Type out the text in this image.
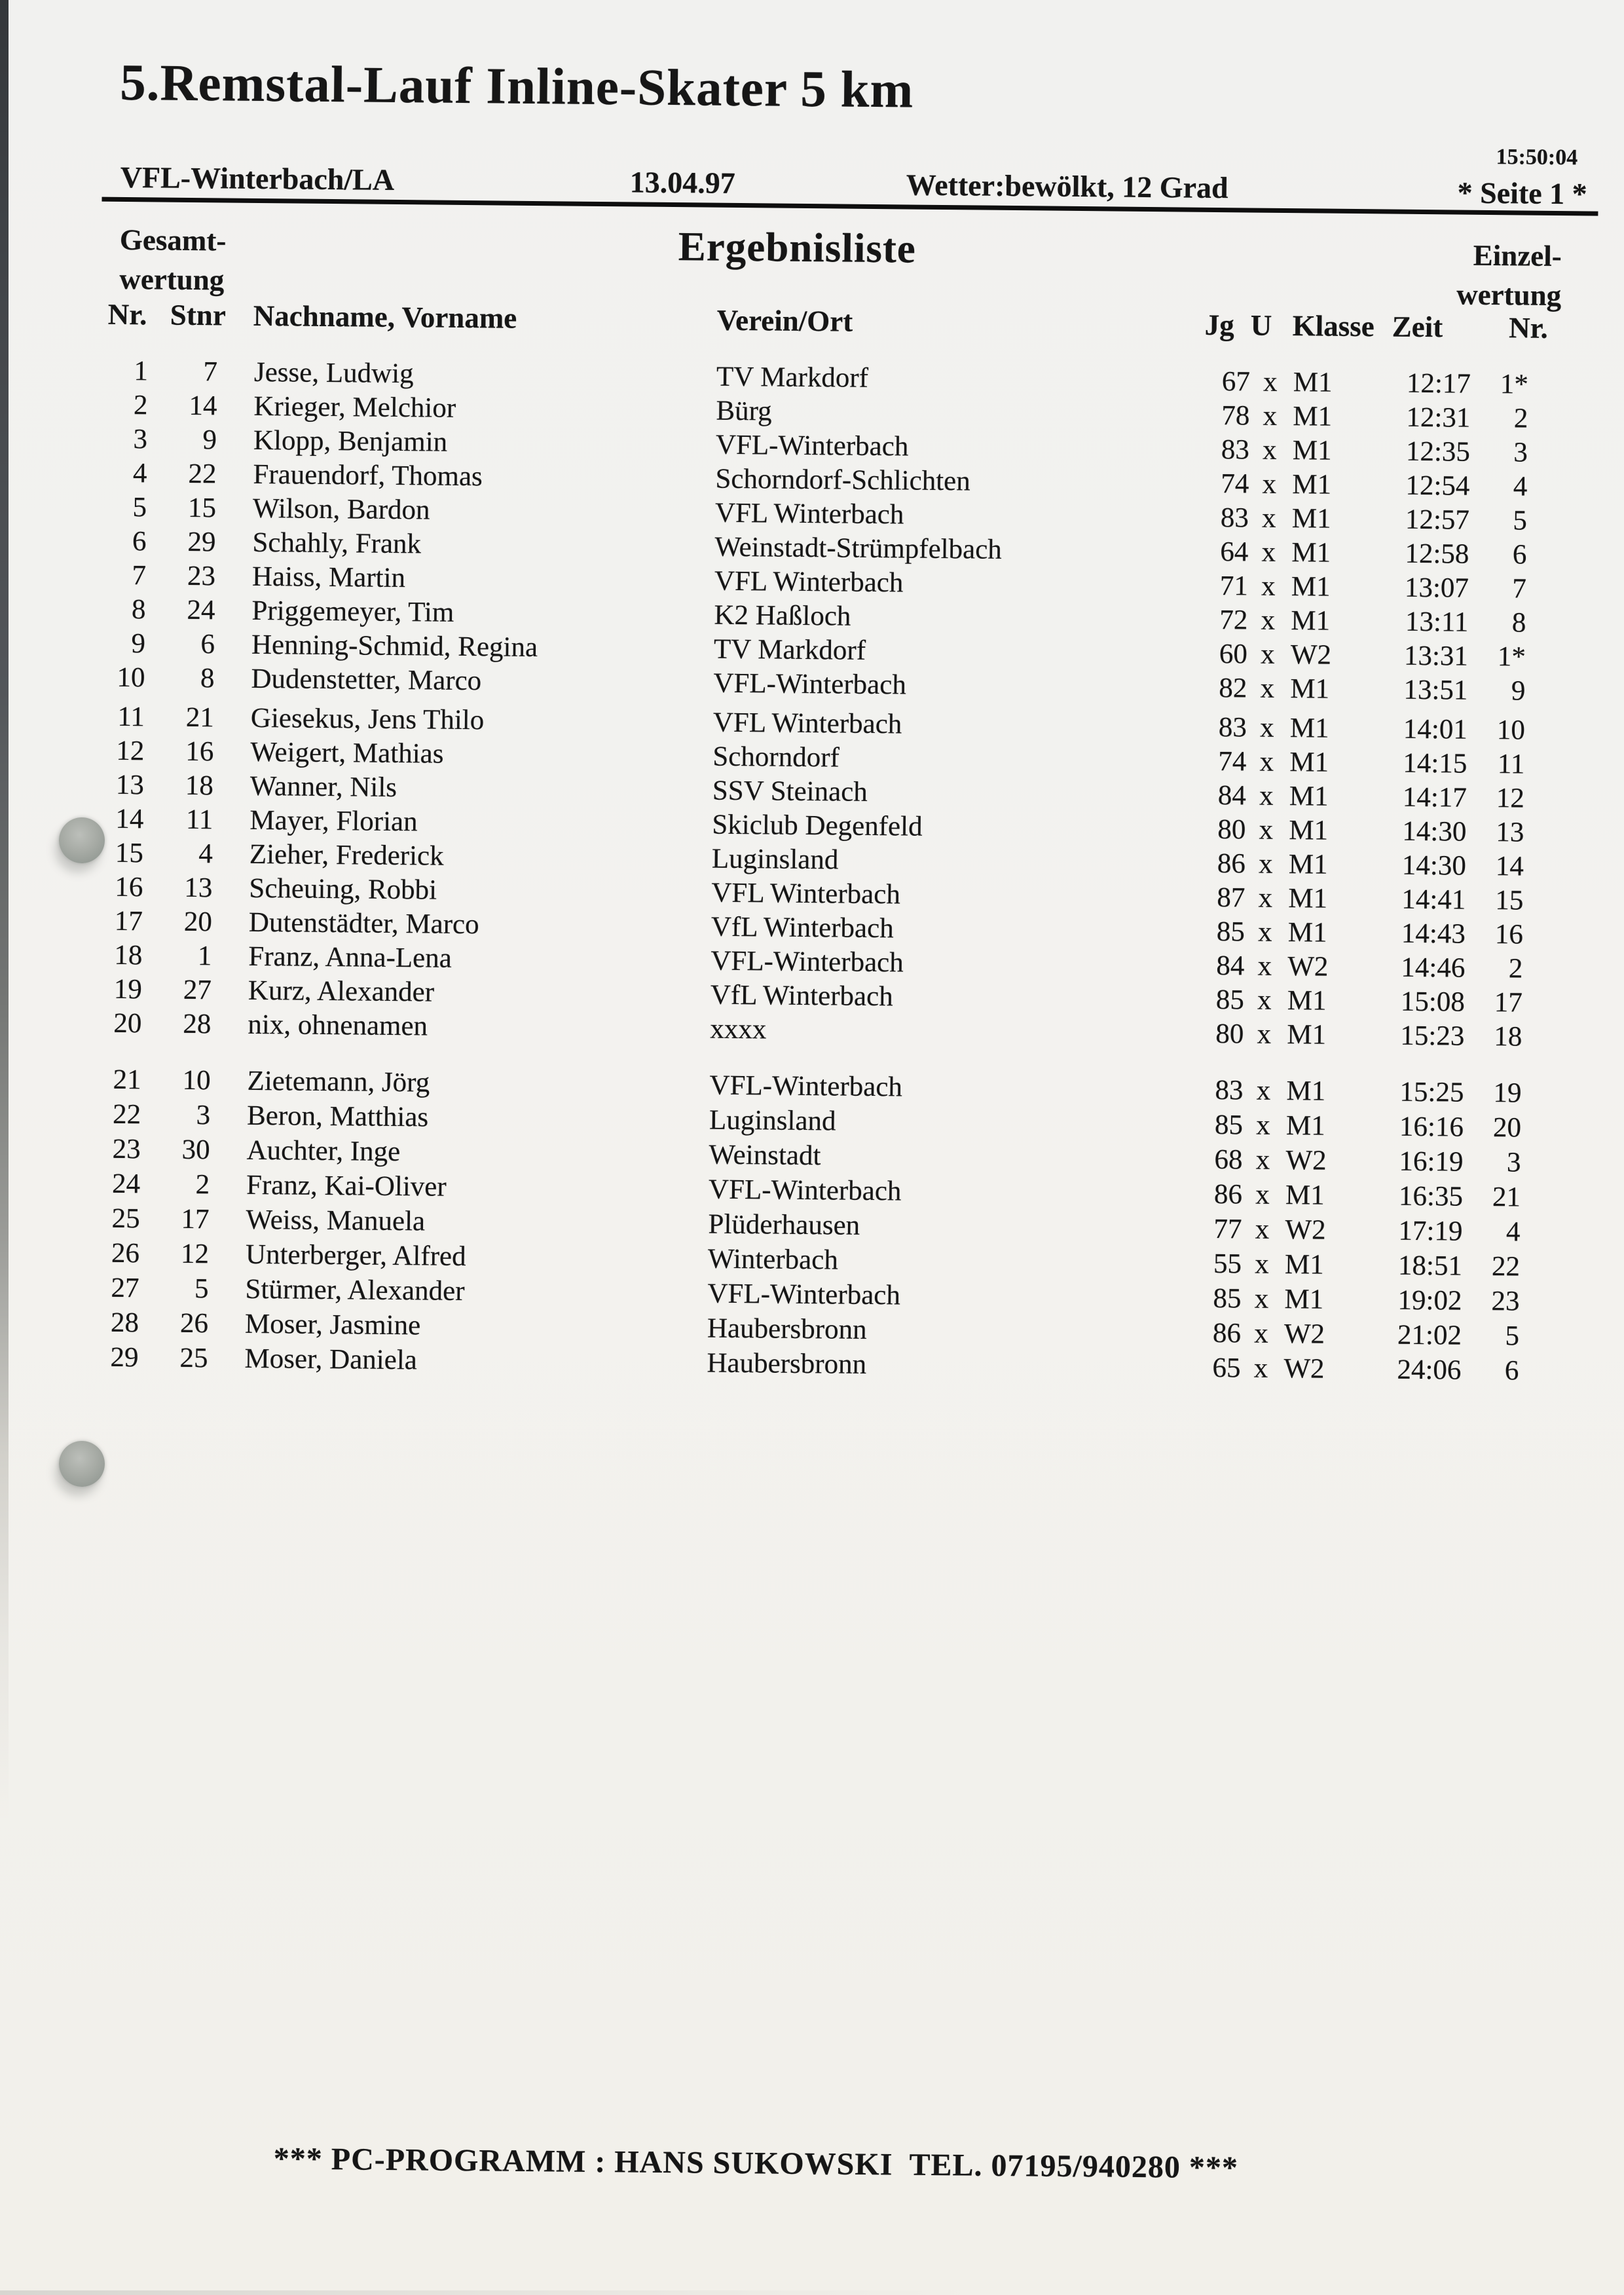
5.Remstal-Lauf Inline-Skater 5 km
VFL-Winterbach/LA	13.04.97	Wetter:bewölkt, 12 Grad
15:50:04
* Seite 1 *
Gesamt-
wertung
Ergebnisliste	Einzel-
wertung
Nr.
Nr. Stnr Nachname, Vorname	Verein/Ort	Jg U Klasse Zeit
1	7 Jesse, Ludwig	TV Markdorf	67 x M1	12:17	1*
2	14 Krieger, Melchior	Bürg	78 x M1	12:31	2
3	9 Klopp, Benjamin	VFL-Winterbach	83 x M1	12:35	3
4	22 Frauendorf, Thomas	Schorndorf-Schlichten	74 x M1	12:54	4
5	15 Wilson, Bardon	VFL Winterbach	83 x M1	12:57	5
6	29 Schahly, Frank	Weinstadt-Strümpfelbach	64 x M1	12:58	6
7	23 Haiss, Martin	VFL Winterbach	71 x M1	13:07	7
8	24 Priggemeyer, Tim	K2 Haßloch	72 x M1	13:11	8
9	6 Henning-Schmid, Regina	TV Markdorf	60 x W2	13:31	1*
10	8 Dudenstetter, Marco	VFL-Winterbach	82 x M1	13:51	9
11	21 Giesekus, Jens Thilo	VFL Winterbach	83 x M1	14:01	10
12	16 Weigert, Mathias	Schorndorf	74 x M1	14:15	11
13	18 Wanner, Nils	SSV Steinach	84 x M1	14:17	12
14	11 Mayer, Florian	Skiclub Degenfeld	80 x M1	14:30	13
15	4 Zieher, Frederick	Luginsland	86 x M1	14:30	14
16	13 Scheuing, Robbi	VFL Winterbach	87 x M1	14:41	15
17	20 Dutenstädter, Marco	VfL Winterbach	85 x M1	14:43	16
18	1 Franz, Anna-Lena	VFL-Winterbach	84 x W2	14:46	2
19	27 Kurz, Alexander	VfL Winterbach	85 x M1	15:08	17
20	28 nix, ohnenamen	xxxx	80 x M1	15:23	18
21	10 Zietemann, Jörg	VFL-Winterbach	83 x M1	15:25	19
22	3 Beron, Matthias	Luginsland	85 x M1	16:16	20
23	30 Auchter, Inge	Weinstadt	68 x W2	16:19	3
24	2 Franz, Kai-Oliver	VFL-Winterbach	86 x M1	16:35	21
25	17 Weiss, Manuela	Plüderhausen	77 x W2	17:19	4
26	12 Unterberger, Alfred	Winterbach	55 x M1	18:51	22
27	5 Stürmer, Alexander	VFL-Winterbach	85 x M1	19:02	23
28	26 Moser, Jasmine	Haubersbronn	86 x W2	21:02	5
29	25 Moser, Daniela	Haubersbronn	65 x W2	24:06	6
*** PC-PROGRAMM : HANS SUKOWSKI  TEL. 07195/940280 ***
